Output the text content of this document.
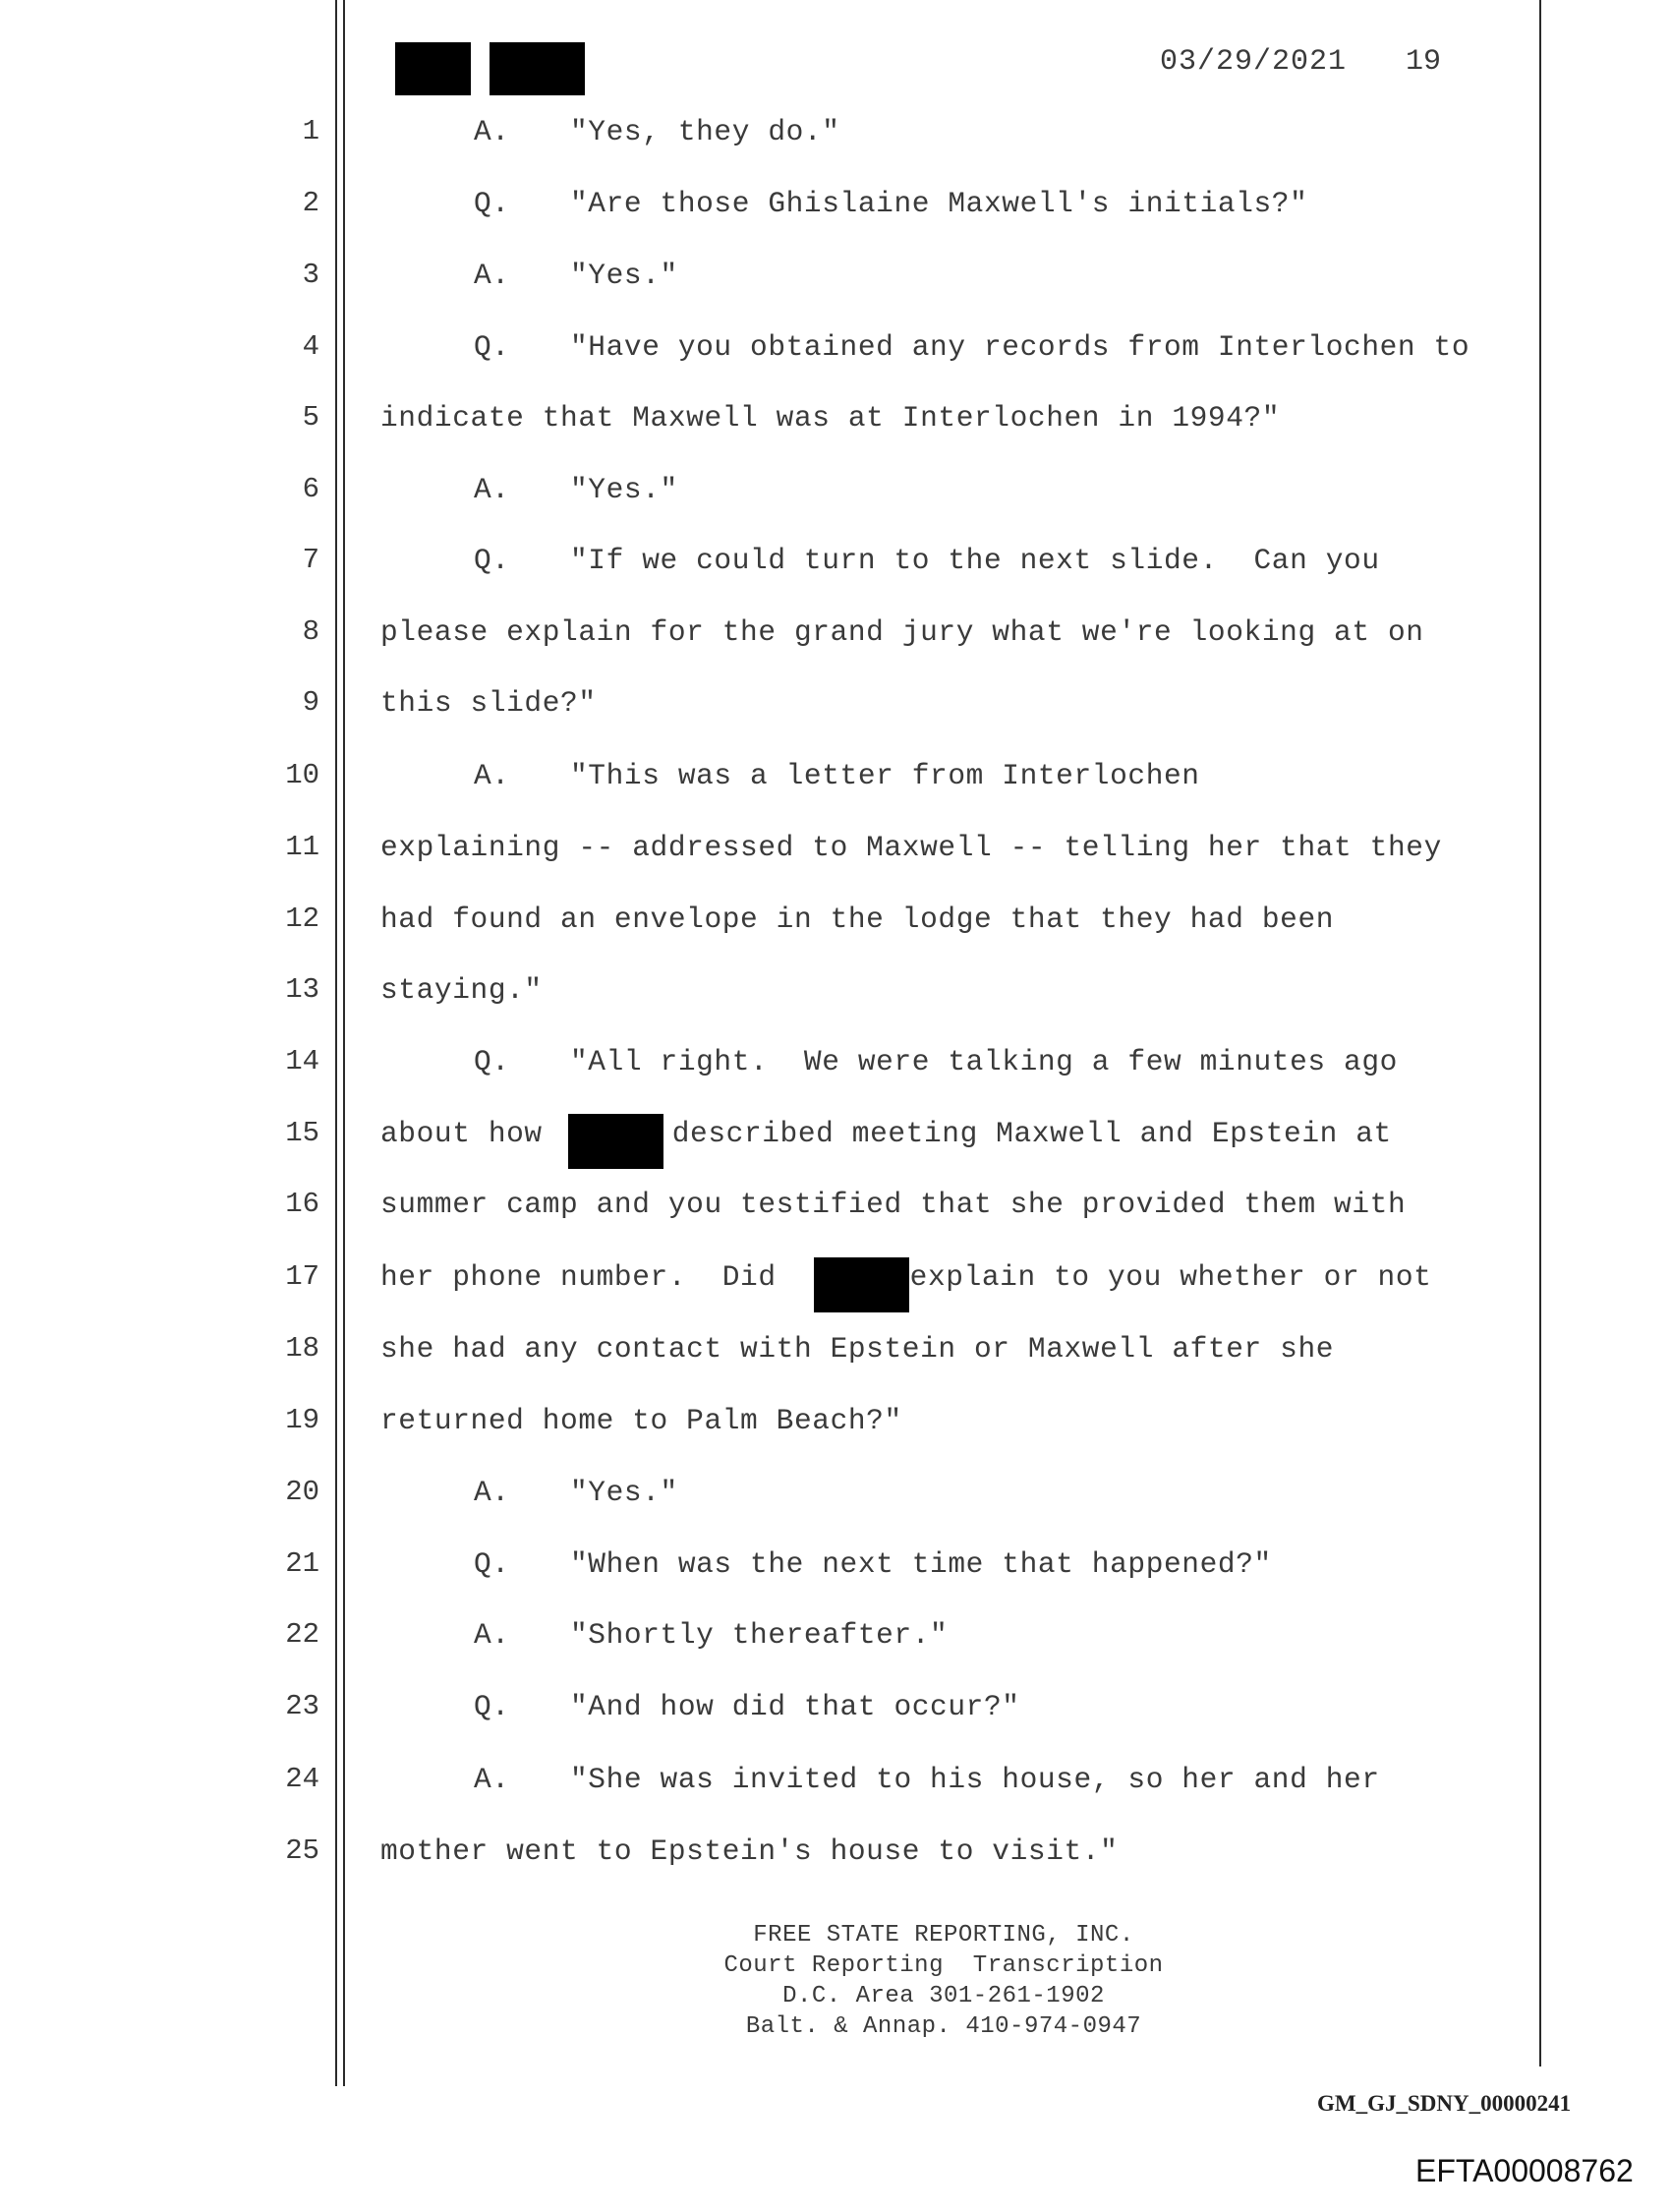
03/29/2021 19
1
2
3
4
5
6
7
8
9
10
11
12
13
14
15
16
17
18
19
20
21
22
23
24
25
A. "Yes, they do."
Q. "Are those Ghislaine Maxwell's initials?"
A. "Yes."
Q. "Have you obtained any records from Interlochen to
indicate that Maxwell was at Interlochen in 1994?"
A. "Yes."
Q. "If we could turn to the next slide.  Can you
please explain for the grand jury what we're looking at on
this slide?"
A. "This was a letter from Interlochen
explaining -- addressed to Maxwell -- telling her that they
had found an envelope in the lodge that they had been
staying."
Q. "All right.  We were talking a few minutes ago
about how	described meeting Maxwell and Epstein at
summer camp and you testified that she provided them with
her phone number.  Did	explain to you whether or not
she had any contact with Epstein or Maxwell after she
returned home to Palm Beach?"
A. "Yes."
Q. "When was the next time that happened?"
A. "Shortly thereafter."
Q. "And how did that occur?"
A. "She was invited to his house, so her and her
mother went to Epstein's house to visit."
FREE STATE REPORTING, INC.
Court Reporting  Transcription
D.C. Area 301-261-1902
Balt. & Annap. 410-974-0947
GM_GJ_SDNY_00000241
EFTA00008762
